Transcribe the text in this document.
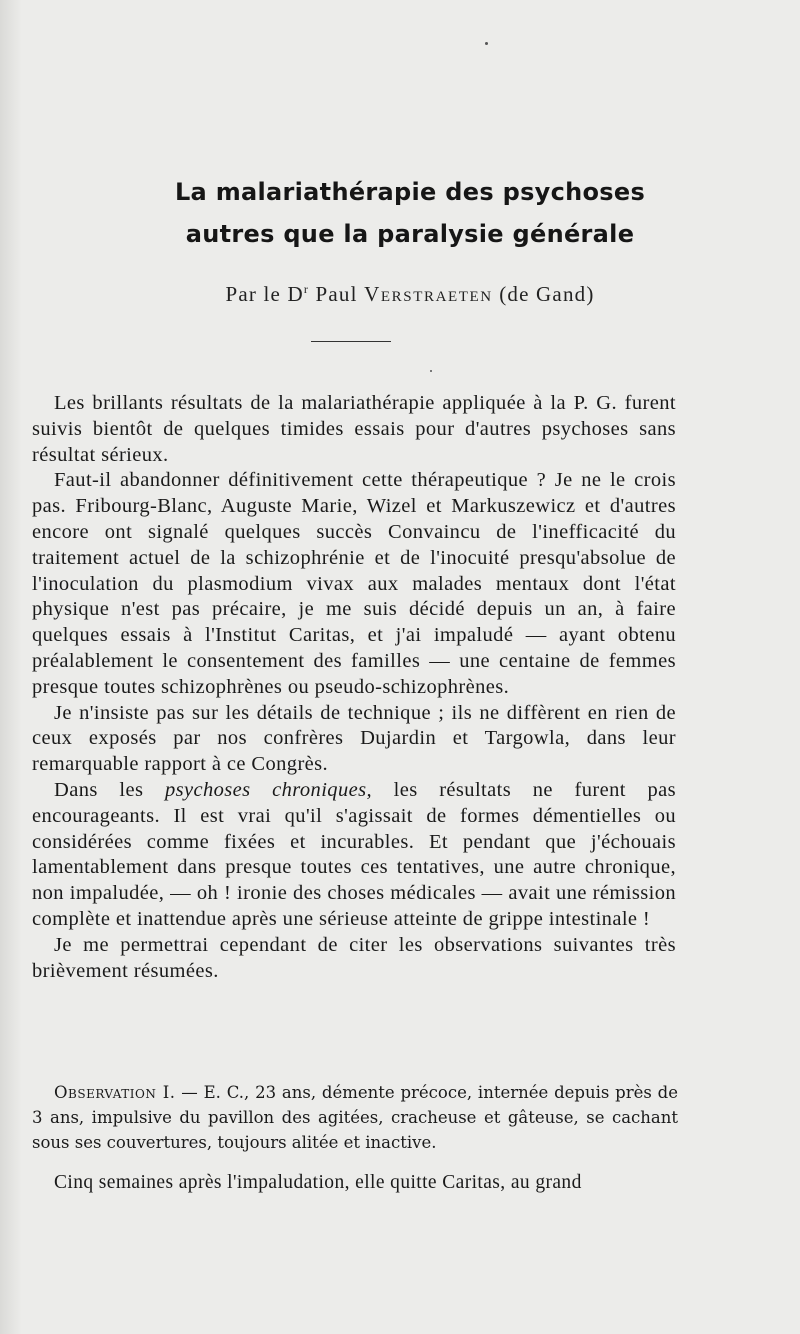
La malariathérapie des psychoses
autres que la paralysie générale
Par le $D^r$ Paul Verstraeten (de Gand)

Les brillants résultats de la malariathérapie appliquée à la P. G. furent suivis bientôt de quelques timides essais pour d'autres psychoses sans résultat sérieux.

Faut-il abandonner définitivement cette thérapeutique ? Je ne le crois pas. Fribourg-Blanc, Auguste Marie, Wizel et Markuszewicz et d'autres encore ont signalé quelques succès Convaincu de l'inefficacité du traitement actuel de la schizophrénie et de l'inocuité presqu'absolue de l'inoculation du plasmodium vivax aux malades mentaux dont l'état physique n'est pas précaire, je me suis décidé depuis un an, à faire quelques essais à l'Institut Caritas, et j'ai impaludé — ayant obtenu préalablement le consentement des familles — une centaine de femmes presque toutes schizophrènes ou pseudo-schizophrènes.

Je n'insiste pas sur les détails de technique ; ils ne diffèrent en rien de ceux exposés par nos confrères Dujardin et Targowla, dans leur remarquable rapport à ce Congrès.

Dans les psychoses chroniques, les résultats ne furent pas encourageants. Il est vrai qu'il s'agissait de formes démentielles ou considérées comme fixées et incurables. Et pendant que j'échouais lamentablement dans presque toutes ces tentatives, une autre chronique, non impaludée, — oh ! ironie des choses médicales — avait une rémission complète et inattendue après une sérieuse atteinte de grippe intestinale !

Je me permettrai cependant de citer les observations suivantes très brièvement résumées.

Observation I. — E. C., 23 ans, démente précoce, internée depuis près de 3 ans, impulsive du pavillon des agitées, cracheuse et gâteuse, se cachant sous ses couvertures, toujours alitée et inactive.

Cinq semaines après l'impaludation, elle quitte Caritas, au grand
